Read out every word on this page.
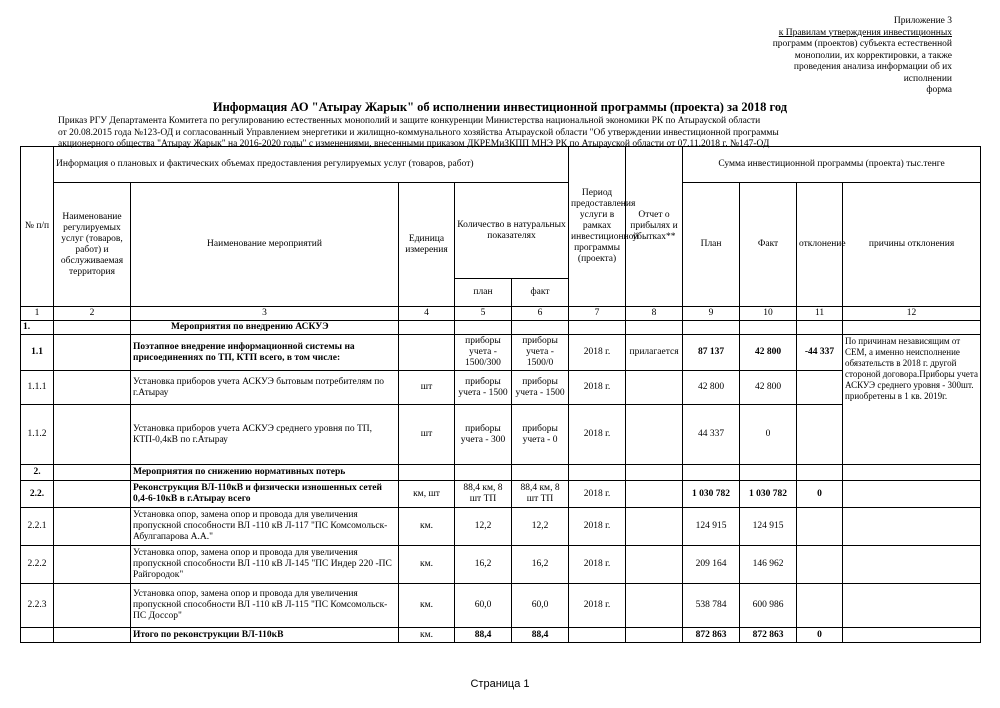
Приложение 3
к Правилам утверждения инвестиционных
программ (проектов) субъекта естественной
монополии, их корректировки, а также
проведения анализа информации об их
исполнении
форма
Информация АО "Атырау Жарык" об исполнении инвестиционной программы (проекта) за 2018 год
Приказ РГУ Департамента Комитета по регулированию естественных монополий и защите конкуренции Министерства национальной экономики РК по Атырауской области
от 20.08.2015 года №123-ОД и согласованный Управлением энергетики и жилищно-коммунального хозяйства Атырауской области "Об утверждении инвестиционной программы
акционерного общества "Атырау Жарык" на 2016-2020 годы" с изменениями, внесенными приказом ДКРЕМиЗКПП МНЭ РК по Атырауской области от 07.11.2018 г. №147-ОД
№ п/п	Информация о плановых и фактических объемах предоставления регулируемых услуг (товаров, работ)					Период предоставления услуги в рамках инвестиционной программы (проекта)	Отчет о прибылях и убытках**	Сумма инвестиционной программы (проекта) тыс.тенге			
	Наименование регулируемых услуг (товаров, работ) и обслуживаемая территория	Наименование мероприятий	Единица измерения	Количество в натуральных показателях				План	Факт	отклонение	причины отклонения
				план	факт						
1	2	3	4	5	6	7	8	9	10	11	12
1.		Мероприятия по внедрению АСКУЭ									
1.1		Поэтапное внедрение информационной системы на присоединениях по ТП, КТП всего, в том числе:		приборы учета - 1500/300	приборы учета - 1500/0	2018 г.	прилагается	87 137	42 800	-44 337	По причинам независящим от СЕМ, а именно неисполнение обязательств в 2018 г. другой стороной договора.Приборы учета АСКУЭ среднего уровня - 300шт. приобретены в 1 кв. 2019г.
1.1.1		Установка приборов учета АСКУЭ бытовым потребителям по г.Атырау	шт	приборы учета - 1500	приборы учета - 1500	2018 г.		42 800	42 800		
1.1.2		Установка приборов учета АСКУЭ среднего уровня по ТП, КТП-0,4кВ по г.Атырау	шт	приборы учета - 300	приборы учета - 0	2018 г.		44 337	0		
2.		Мероприятия по снижению нормативных потерь									
2.2.		Реконструкция ВЛ-110кВ и физически изношенных сетей 0,4-6-10кВ в г.Атырау всего	км, шт	88,4 км, 8 шт ТП	88,4 км, 8 шт ТП	2018 г.		1 030 782	1 030 782	0	
2.2.1		Установка опор, замена опор и провода для увеличения пропускной способности ВЛ -110 кВ Л-117 "ПС Комсомольск-Абулгапарова А.А."	км.	12,2	12,2	2018 г.		124 915	124 915		
2.2.2		Установка опор, замена опор и провода для увеличения пропускной способности ВЛ -110 кВ Л-145 "ПС Индер 220 -ПС Райгородок"	км.	16,2	16,2	2018 г.		209 164	146 962		
2.2.3		Установка опор, замена опор и провода для увеличения пропускной способности ВЛ -110 кВ Л-115 "ПС Комсомольск- ПС Доссор"	км.	60,0	60,0	2018 г.		538 784	600 986		
		Итого по реконструкции ВЛ-110кВ	км.	88,4	88,4			872 863	872 863	0	
Страница 1
